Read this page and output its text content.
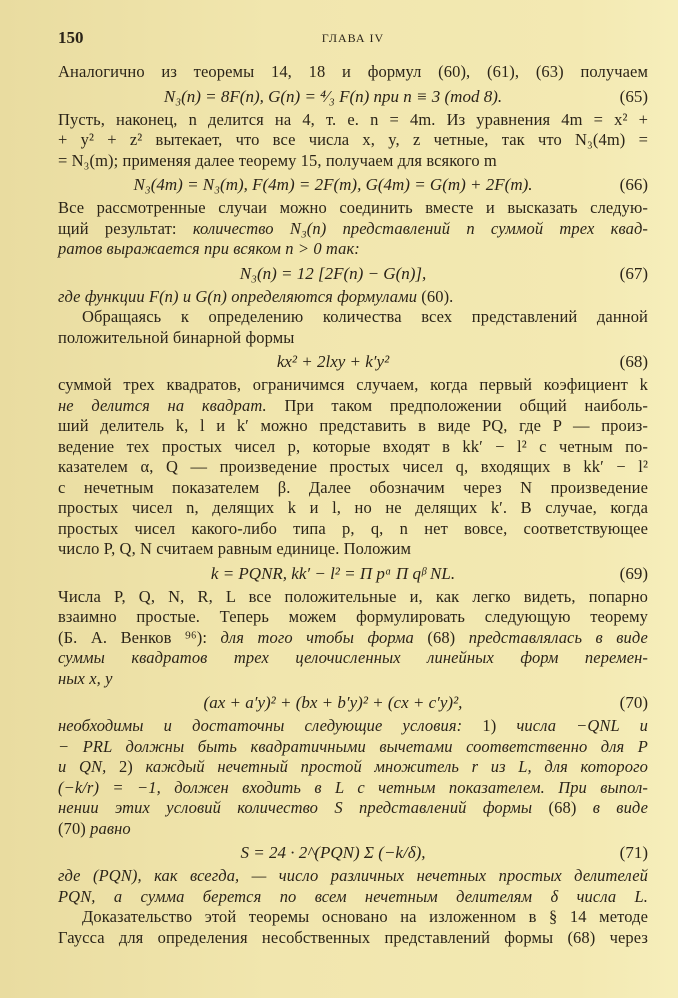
150	ГЛАВА IV
Аналогично из теоремы 14, 18 и формул (60), (61), (63) получаем
N₃(n) = 8F(n), G(n) = ⁴⁄₃ F(n) при n ≡ 3 (mod 8).	(65)
Пусть, наконец, n делится на 4, т. е. n = 4m. Из уравнения 4m = x² +
+ y² + z² вытекает, что все числа x, y, z четные, так что N₃(4m) =
= N₃(m); применяя далее теорему 15, получаем для всякого m
N₃(4m) = N₃(m), F(4m) = 2F(m), G(4m) = G(m) + 2F(m).	(66)
Все рассмотренные случаи можно соединить вместе и высказать следую-
щий результат: количество N₃(n) представлений n суммой трех квад-
ратов выражается при всяком n > 0 так:
N₃(n) = 12 [2F(n) − G(n)],	(67)
где функции F(n) и G(n) определяются формулами (60).
Обращаясь к определению количества всех представлений данной
положительной бинарной формы
kx² + 2lxy + k′y²	(68)
суммой трех квадратов, ограничимся случаем, когда первый коэфициент k
не делится на квадрат. При таком предположении общий наиболь-
ший делитель k, l и k′ можно представить в виде PQ, где P — произ-
ведение тех простых чисел p, которые входят в kk′ − l² с четным по-
казателем α, Q — произведение простых чисел q, входящих в kk′ − l²
с нечетным показателем β. Далее обозначим через N произведение
простых чисел n, делящих k и l, но не делящих k′. В случае, когда
простых чисел какого-либо типа p, q, n нет вовсе, соответствующее
число P, Q, N считаем равным единице. Положим
k = PQNR, kk′ − l² = Π pᵅ Π qᵝ NL.	(69)
Числа P, Q, N, R, L все положительные и, как легко видеть, попарно
взаимно простые. Теперь можем формулировать следующую теорему
(Б. А. Венков ⁹⁶): для того чтобы форма (68) представлялась в виде
суммы квадратов трех целочисленных линейных форм перемен-
ных x, y
(ax + a′y)² + (bx + b′y)² + (cx + c′y)²,	(70)
необходимы и достаточны следующие условия: 1) числа −QNL и
− PRL должны быть квадратичными вычетами соответственно для P
и QN, 2) каждый нечетный простой множитель r из L, для которого
(−k/r) = −1, должен входить в L с четным показателем. При выпол-
нении этих условий количество S представлений формы (68) в виде
(70) равно
S = 24 · 2^(PQN) Σ (−k/δ),	(71)
где (PQN), как всегда, — число различных нечетных простых делителей
PQN, а сумма берется по всем нечетным делителям δ числа L.
Доказательство этой теоремы основано на изложенном в § 14 методе
Гаусса для определения несобственных представлений формы (68) через
